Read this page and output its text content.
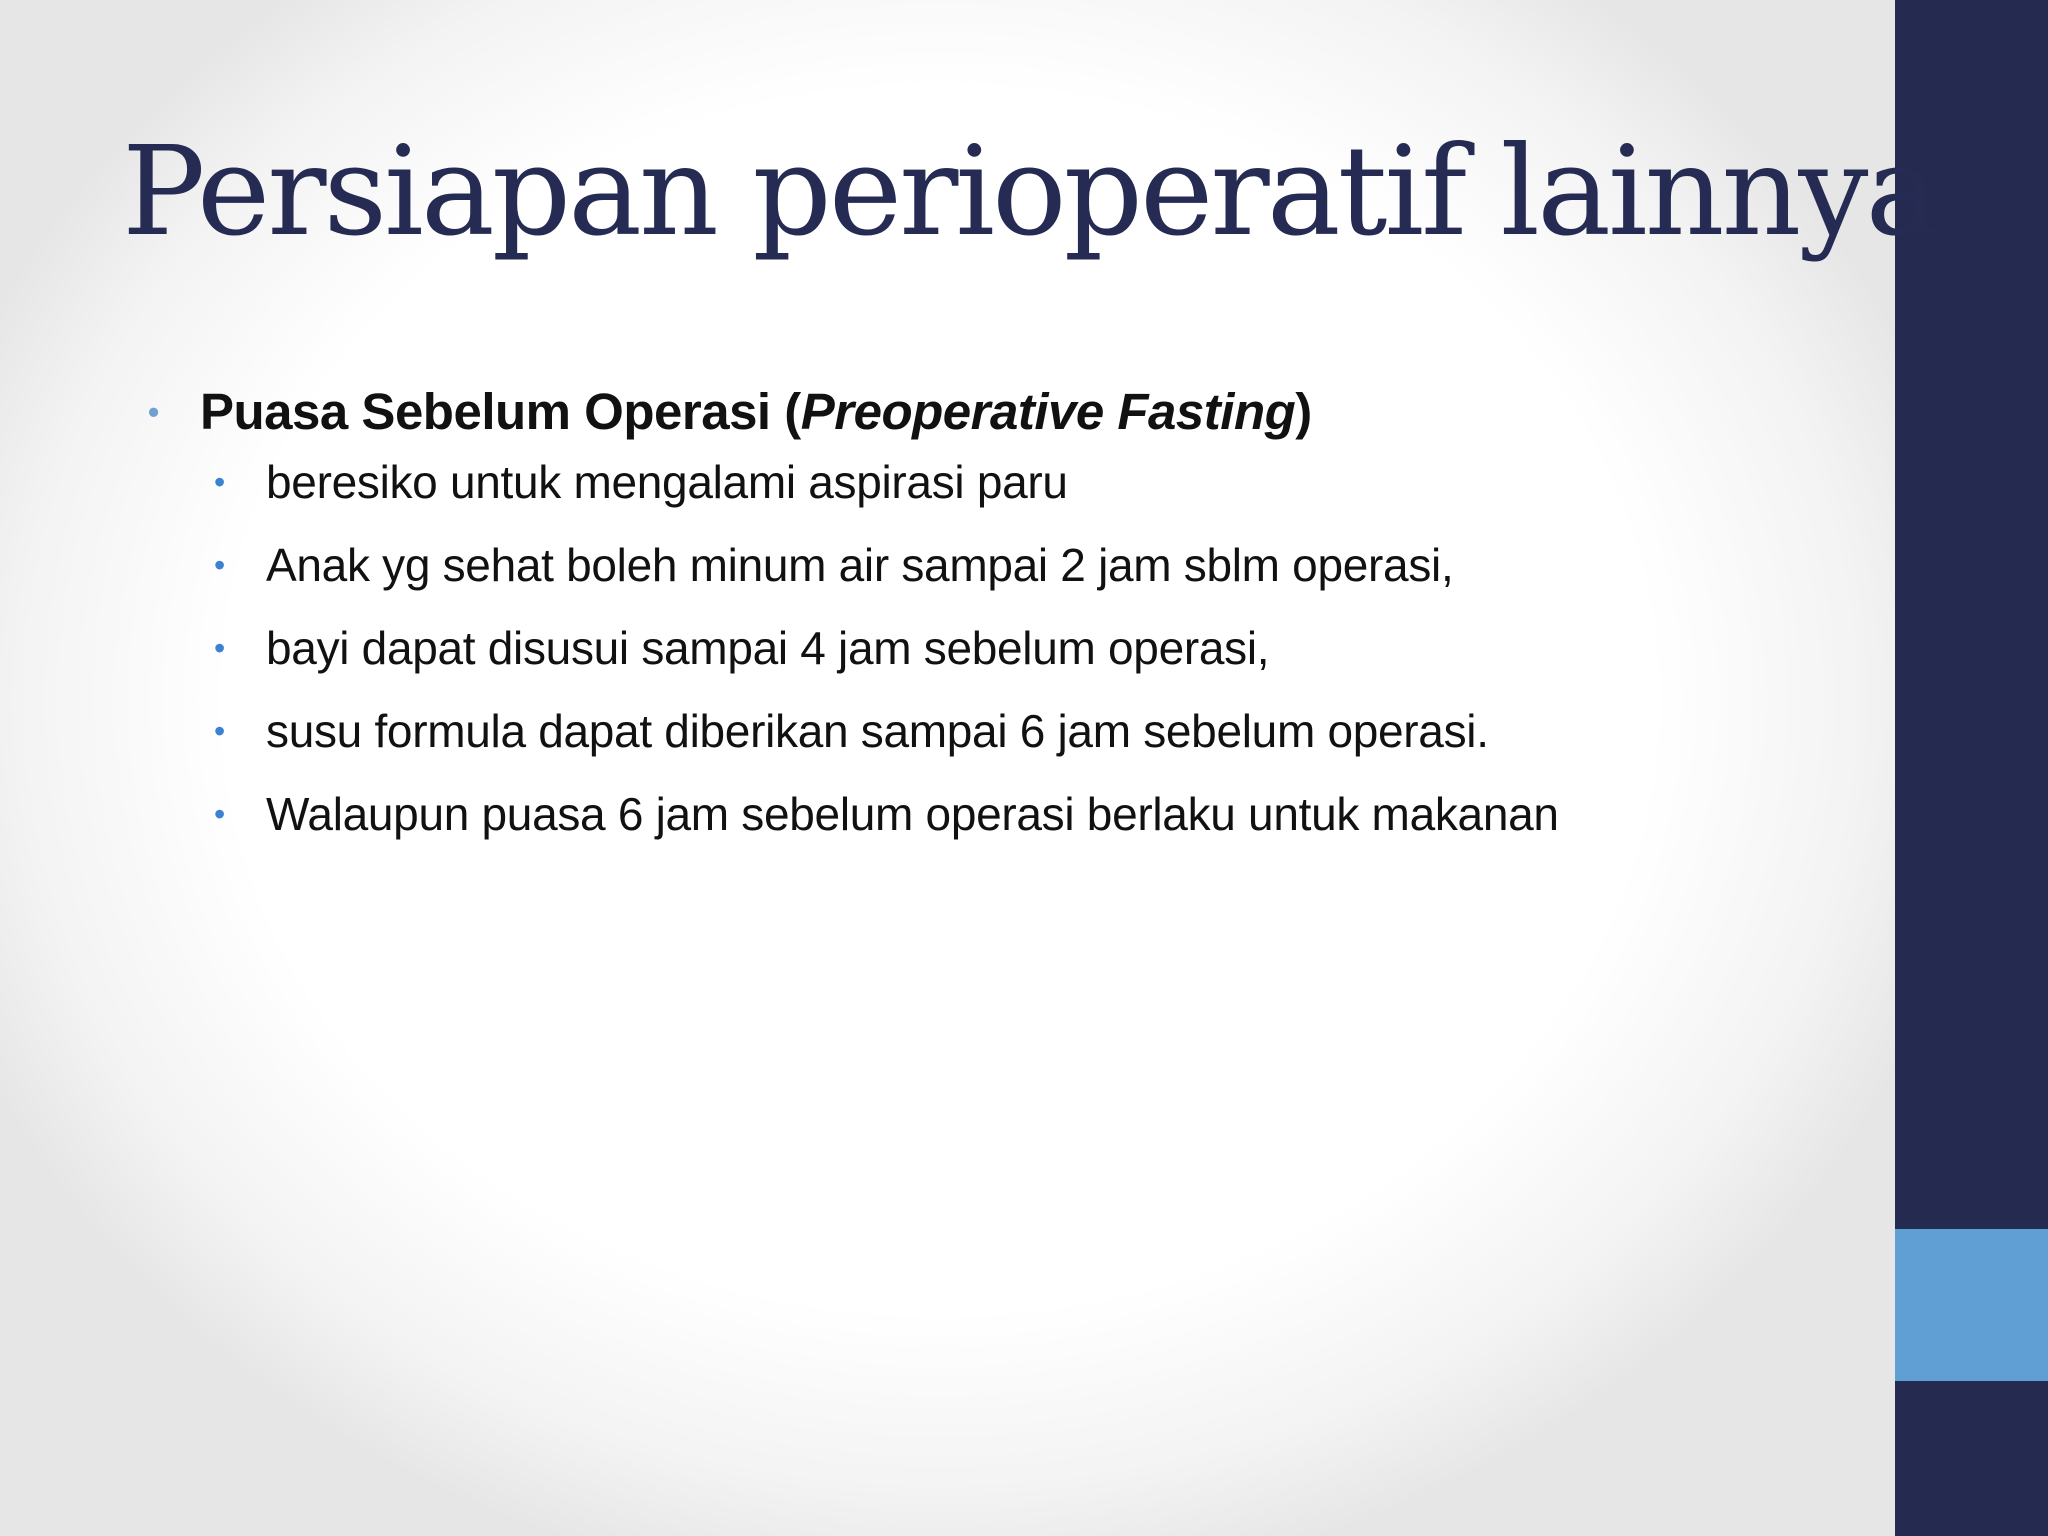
Persiapan perioperatif lainnya
• Puasa Sebelum Operasi (Preoperative Fasting)
• beresiko untuk mengalami aspirasi paru
• Anak yg sehat boleh minum air sampai 2 jam sblm operasi,
• bayi dapat disusui sampai 4 jam sebelum operasi,
• susu formula dapat diberikan sampai 6 jam sebelum operasi.
• Walaupun puasa 6 jam sebelum operasi berlaku untuk makanan
